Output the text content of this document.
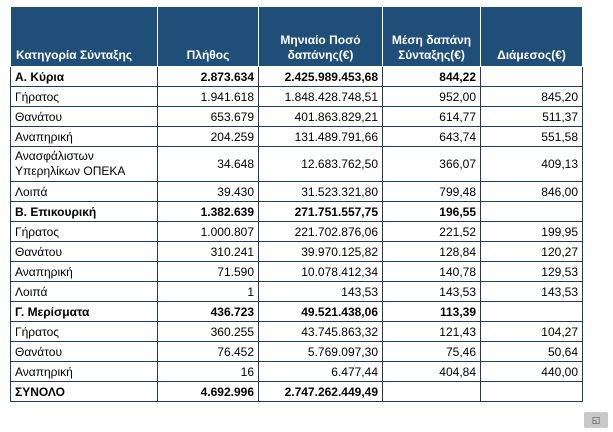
Κατηγορία Σύνταξης	Πλήθος	Μηνιαίο Ποσό δαπάνης(€)	Μέση δαπάνη Σύνταξης(€)	Διάμεσος(€)
Α. Κύρια	2.873.634	2.425.989.453,68	844,22	
Γήρατος	1.941.618	1.848.428.748,51	952,00	845,20
Θανάτου	653.679	401.863.829,21	614,77	511,37
Αναπηρική	204.259	131.489.791,66	643,74	551,58
Ανασφάλιστων Υπερηλίκων ΟΠΕΚΑ	34.648	12.683.762,50	366,07	409,13
Λοιπά	39.430	31.523.321,80	799,48	846,00
Β. Επικουρική	1.382.639	271.751.557,75	196,55	
Γήρατος	1.000.807	221.702.876,06	221,52	199,95
Θανάτου	310.241	39.970.125,82	128,84	120,27
Αναπηρική	71.590	10.078.412,34	140,78	129,53
Λοιπά	1	143,53	143,53	143,53
Γ. Μερίσματα	436.723	49.521.438,06	113,39	
Γήρατος	360.255	43.745.863,32	121,43	104,27
Θανάτου	76.452	5.769.097,30	75,46	50,64
Αναπηρική	16	6.477,44	404,84	440,00
ΣΥΝΟΛΟ	4.692.996	2.747.262.449,49		
◱
